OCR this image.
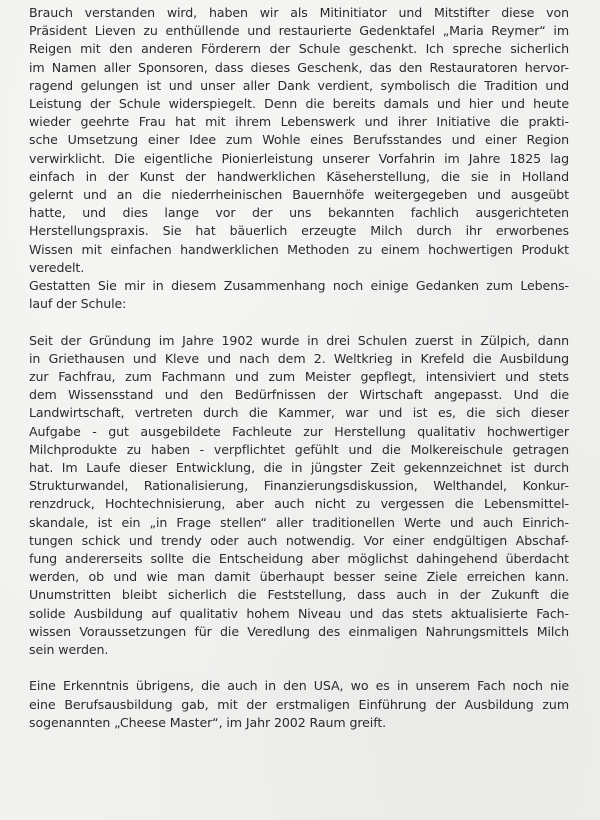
Brauch verstanden wird, haben wir als Mitinitiator und Mitstifter diese von
Präsident Lieven zu enthüllende und restaurierte Gedenktafel „Maria Reymer“ im
Reigen mit den anderen Förderern der Schule geschenkt. Ich spreche sicherlich
im Namen aller Sponsoren, dass dieses Geschenk, das den Restauratoren hervor-
ragend gelungen ist und unser aller Dank verdient, symbolisch die Tradition und
Leistung der Schule widerspiegelt. Denn die bereits damals und hier und heute
wieder geehrte Frau hat mit ihrem Lebenswerk und ihrer Initiative die prakti-
sche Umsetzung einer Idee zum Wohle eines Berufsstandes und einer Region
verwirklicht. Die eigentliche Pionierleistung unserer Vorfahrin im Jahre 1825 lag
einfach in der Kunst der handwerklichen Käseherstellung, die sie in Holland
gelernt und an die niederrheinischen Bauernhöfe weitergegeben und ausgeübt
hatte, und dies lange vor der uns bekannten fachlich ausgerichteten
Herstellungspraxis. Sie hat bäuerlich erzeugte Milch durch ihr erworbenes
Wissen mit einfachen handwerklichen Methoden zu einem hochwertigen Produkt
veredelt.
Gestatten Sie mir in diesem Zusammenhang noch einige Gedanken zum Lebens-
lauf der Schule:
Seit der Gründung im Jahre 1902 wurde in drei Schulen zuerst in Zülpich, dann
in Griethausen und Kleve und nach dem 2. Weltkrieg in Krefeld die Ausbildung
zur Fachfrau, zum Fachmann und zum Meister gepflegt, intensiviert und stets
dem Wissensstand und den Bedürfnissen der Wirtschaft angepasst. Und die
Landwirtschaft, vertreten durch die Kammer, war und ist es, die sich dieser
Aufgabe - gut ausgebildete Fachleute zur Herstellung qualitativ hochwertiger
Milchprodukte zu haben - verpflichtet gefühlt und die Molkereischule getragen
hat. Im Laufe dieser Entwicklung, die in jüngster Zeit gekennzeichnet ist durch
Strukturwandel, Rationalisierung, Finanzierungsdiskussion, Welthandel, Konkur-
renzdruck, Hochtechnisierung, aber auch nicht zu vergessen die Lebensmittel-
skandale, ist ein „in Frage stellen“ aller traditionellen Werte und auch Einrich-
tungen schick und trendy oder auch notwendig. Vor einer endgültigen Abschaf-
fung andererseits sollte die Entscheidung aber möglichst dahingehend überdacht
werden, ob und wie man damit überhaupt besser seine Ziele erreichen kann.
Unumstritten bleibt sicherlich die Feststellung, dass auch in der Zukunft die
solide Ausbildung auf qualitativ hohem Niveau und das stets aktualisierte Fach-
wissen Voraussetzungen für die Veredlung des einmaligen Nahrungsmittels Milch
sein werden.
Eine Erkenntnis übrigens, die auch in den USA, wo es in unserem Fach noch nie
eine Berufsausbildung gab, mit der erstmaligen Einführung der Ausbildung zum
sogenannten „Cheese Master“, im Jahr 2002 Raum greift.
